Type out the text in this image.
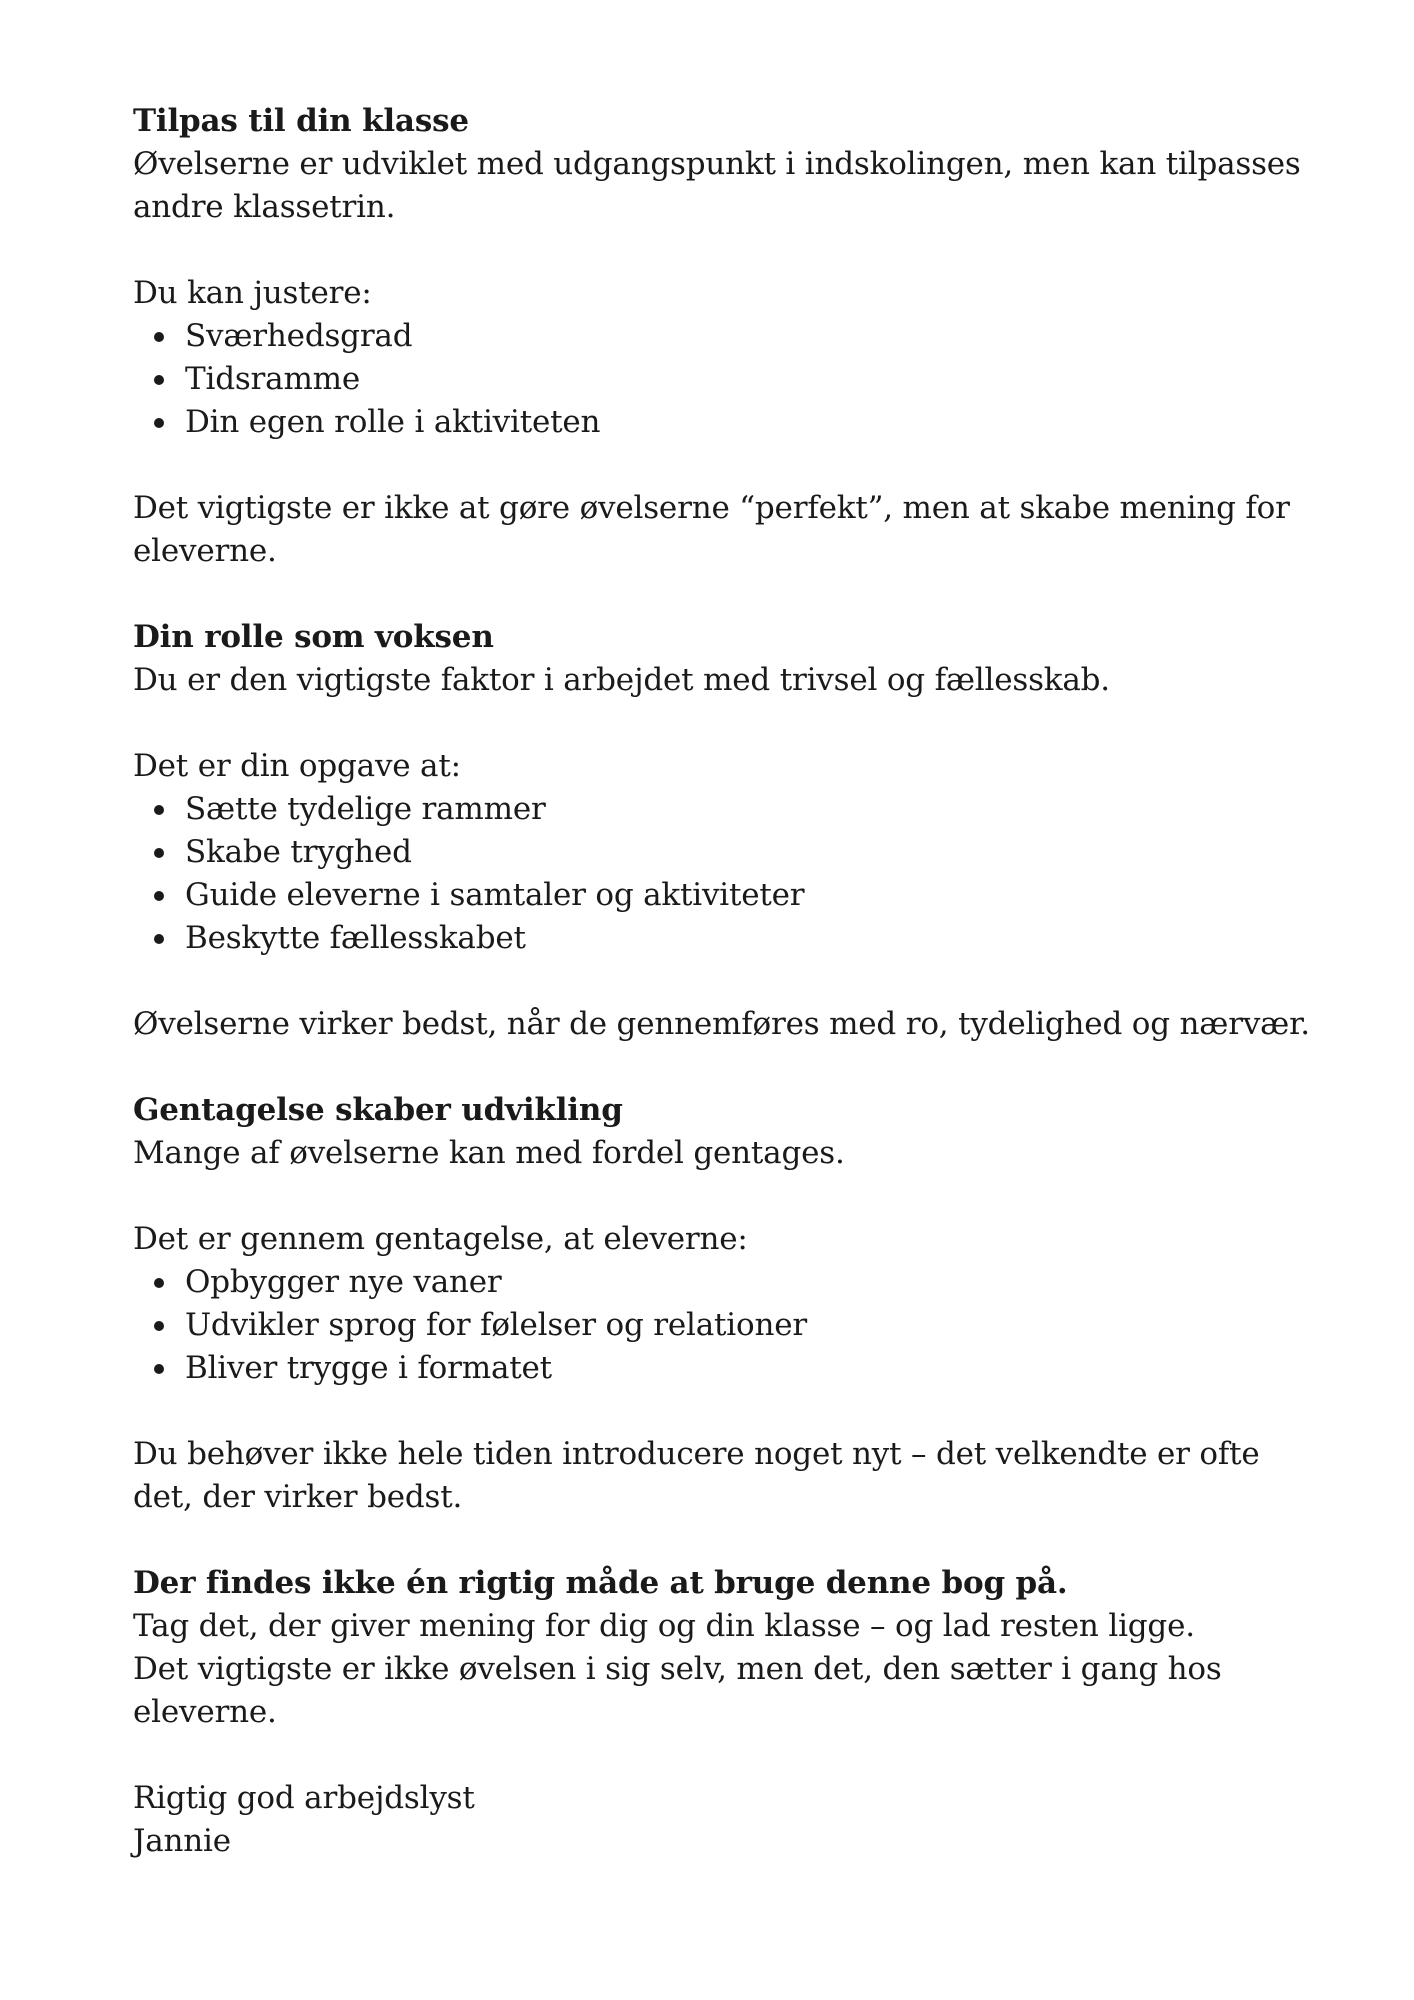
Tilpas til din klasse

Øvelserne er udviklet med udgangspunkt i indskolingen, men kan tilpasses andre klassetrin.

Du kan justere:

Sværhedsgrad
Tidsramme
Din egen rolle i aktiviteten

Det vigtigste er ikke at gøre øvelserne “perfekt”, men at skabe mening for eleverne.

Din rolle som voksen

Du er den vigtigste faktor i arbejdet med trivsel og fællesskab.

Det er din opgave at:

Sætte tydelige rammer
Skabe tryghed
Guide eleverne i samtaler og aktiviteter
Beskytte fællesskabet

Øvelserne virker bedst, når de gennemføres med ro, tydelighed og nærvær.

Gentagelse skaber udvikling

Mange af øvelserne kan med fordel gentages.

Det er gennem gentagelse, at eleverne:

Opbygger nye vaner
Udvikler sprog for følelser og relationer
Bliver trygge i formatet

Du behøver ikke hele tiden introducere noget nyt – det velkendte er ofte det, der virker bedst.

Der findes ikke én rigtig måde at bruge denne bog på.

Tag det, der giver mening for dig og din klasse – og lad resten ligge.

Det vigtigste er ikke øvelsen i sig selv, men det, den sætter i gang hos eleverne.

Rigtig god arbejdslyst

Jannie
